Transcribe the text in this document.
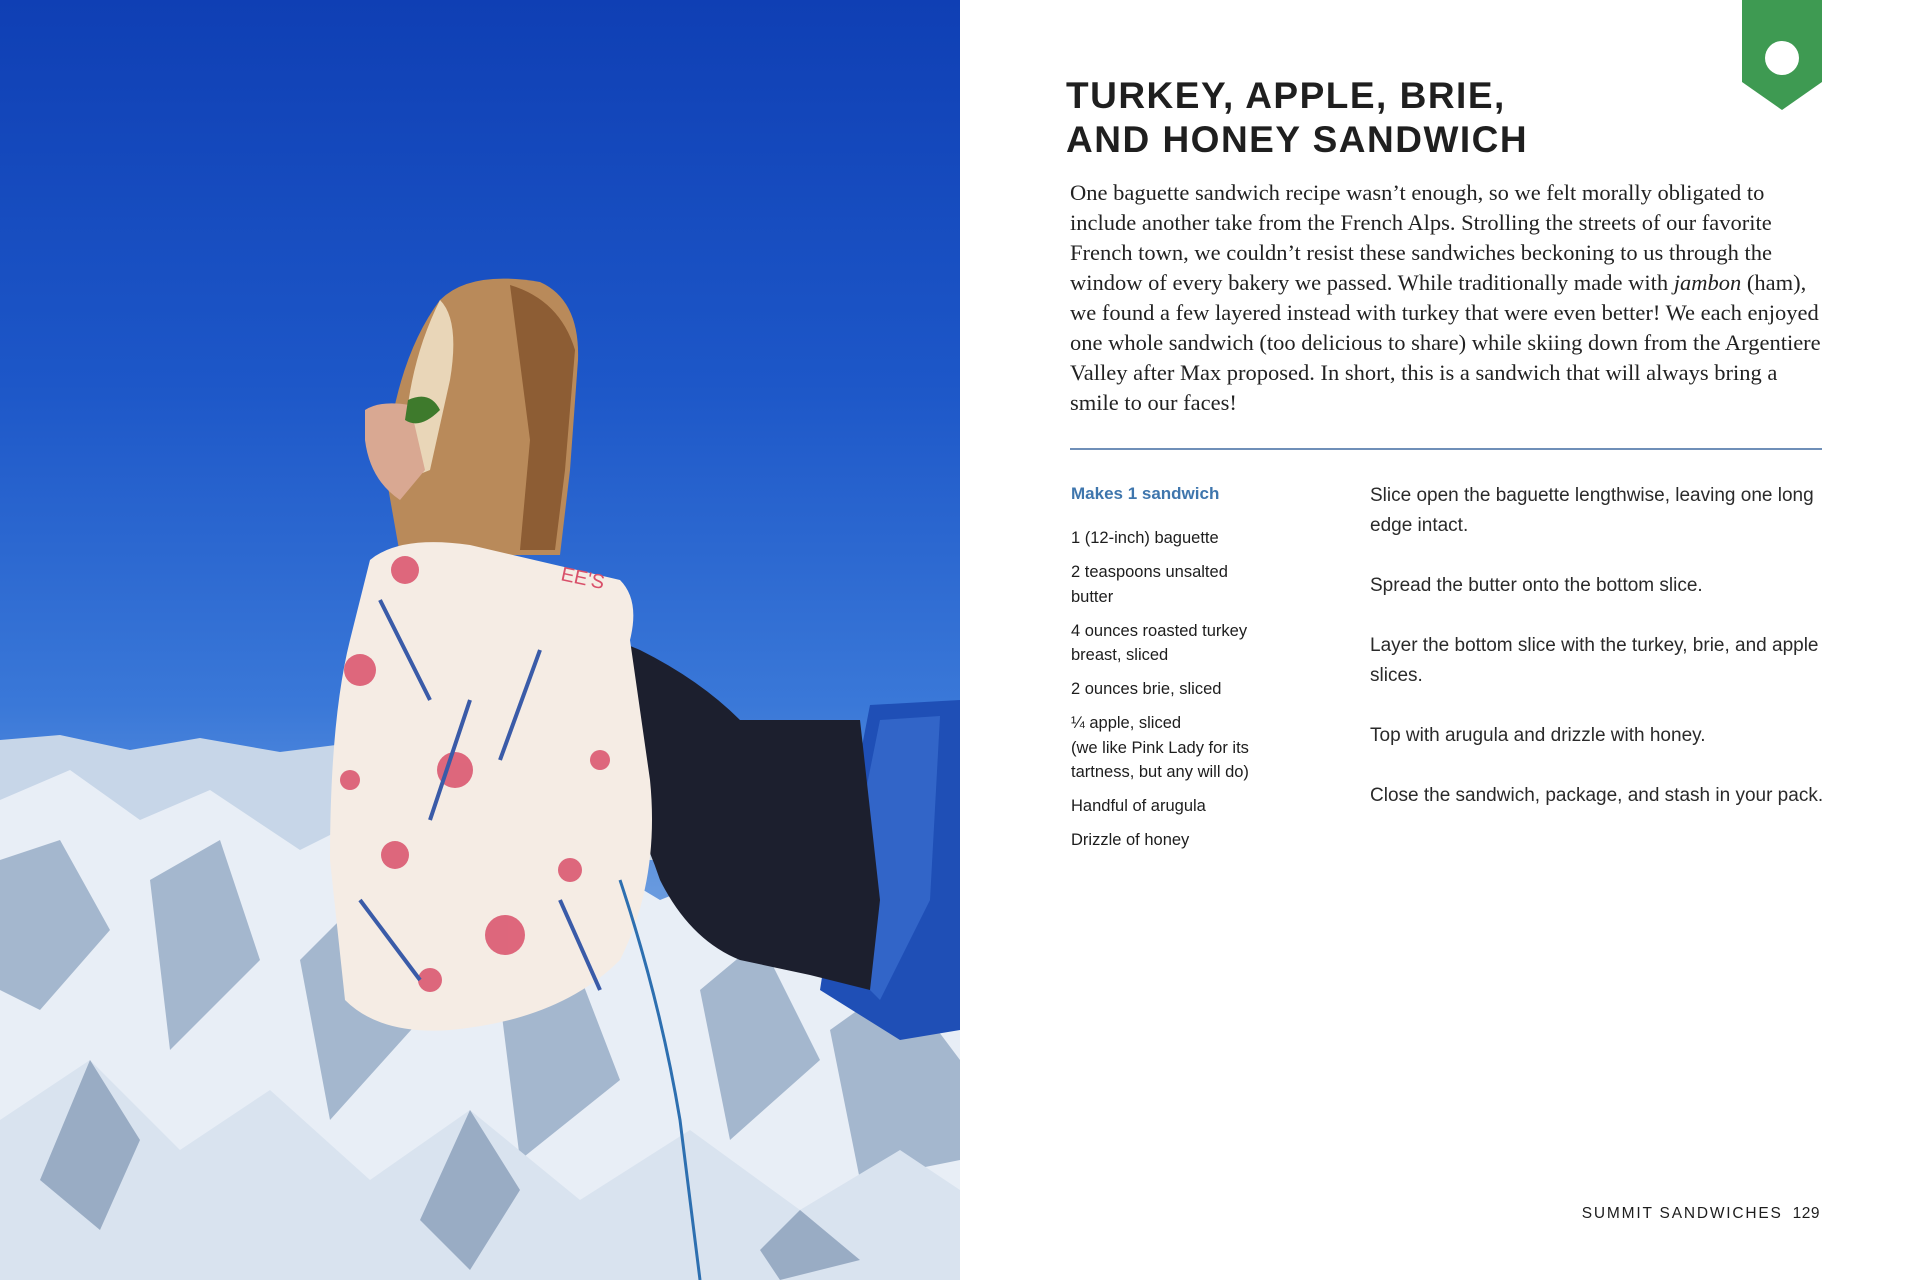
EE'S
TURKEY, APPLE, BRIE,
AND HONEY SANDWICH

One baguette sandwich recipe wasn’t enough, so we felt morally obligated to include another take from the French Alps. Strolling the streets of our favorite French town, we couldn’t resist these sandwiches beckoning to us through the window of every bakery we passed. While traditionally made with jambon (ham), we found a few layered instead with turkey that were even better! We each enjoyed one whole sandwich (too delicious to share) while skiing down from the Argentiere Valley after Max proposed. In short, this is a sandwich that will always bring a smile to our faces!

Makes 1 sandwich
1 (12-inch) baguette
2 teaspoons unsalted
butter
4 ounces roasted turkey
breast, sliced
2 ounces brie, sliced
¼ apple, sliced
(we like Pink Lady for its
tartness, but any will do)
Handful of arugula
Drizzle of honey
Slice open the baguette lengthwise, leaving one long edge intact.
Spread the butter onto the bottom slice.
Layer the bottom slice with the turkey, brie, and apple slices.
Top with arugula and drizzle with honey.
Close the sandwich, package, and stash in your pack.
SUMMIT SANDWICHES 129
